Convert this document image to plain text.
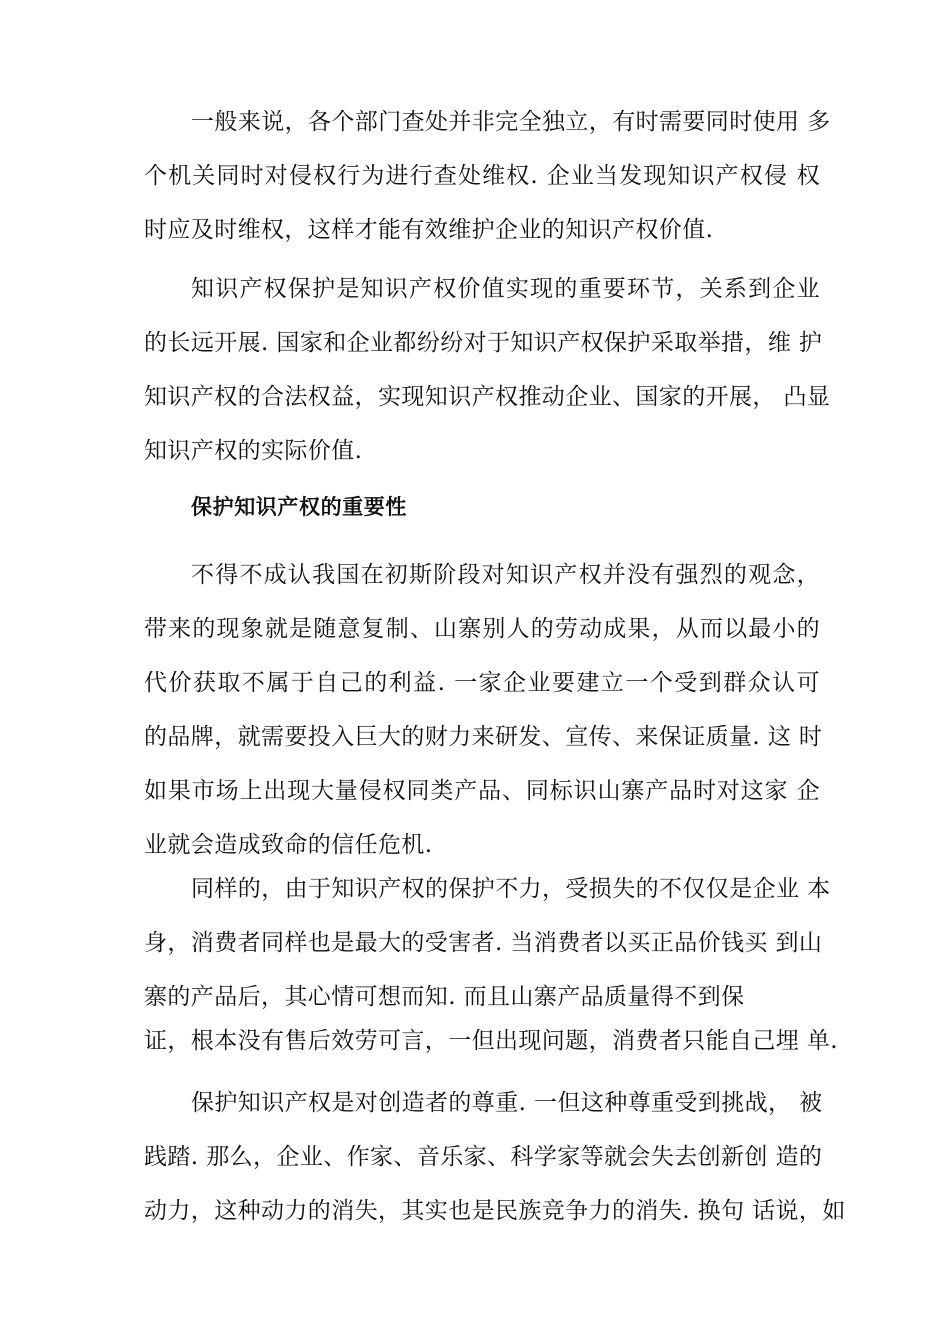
一般来说，各个部门查处并非完全独立，有时需要同时使用 多
个机关同时对侵权行为进行查处维权. 企业当发现知识产权侵 权
时应及时维权，这样才能有效维护企业的知识产权价值.
知识产权保护是知识产权价值实现的重要环节，关系到企业
的长远开展. 国家和企业都纷纷对于知识产权保护采取举措，维 护
知识产权的合法权益，实现知识产权推动企业、国家的开展， 凸显
知识产权的实际价值.
保护知识产权的重要性
不得不成认我国在初斯阶段对知识产权并没有强烈的观念，
带来的现象就是随意复制、山寨别人的劳动成果，从而以最小的
代价获取不属于自己的利益. 一家企业要建立一个受到群众认可
的品牌，就需要投入巨大的财力来研发、宣传、来保证质量. 这 时
如果市场上出现大量侵权同类产品、同标识山寨产品时对这家 企
业就会造成致命的信任危机.
同样的，由于知识产权的保护不力，受损失的不仅仅是企业 本
身，消费者同样也是最大的受害者. 当消费者以买正品价钱买 到山
寨的产品后，其心情可想而知. 而且山寨产品质量得不到保
证，根本没有售后效劳可言，一但出现问题，消费者只能自己埋 单.
保护知识产权是对创造者的尊重. 一但这种尊重受到挑战， 被
践踏. 那么，企业、作家、音乐家、科学家等就会失去创新创 造的
动力，这种动力的消失，其实也是民族竞争力的消失. 换句 话说，如
